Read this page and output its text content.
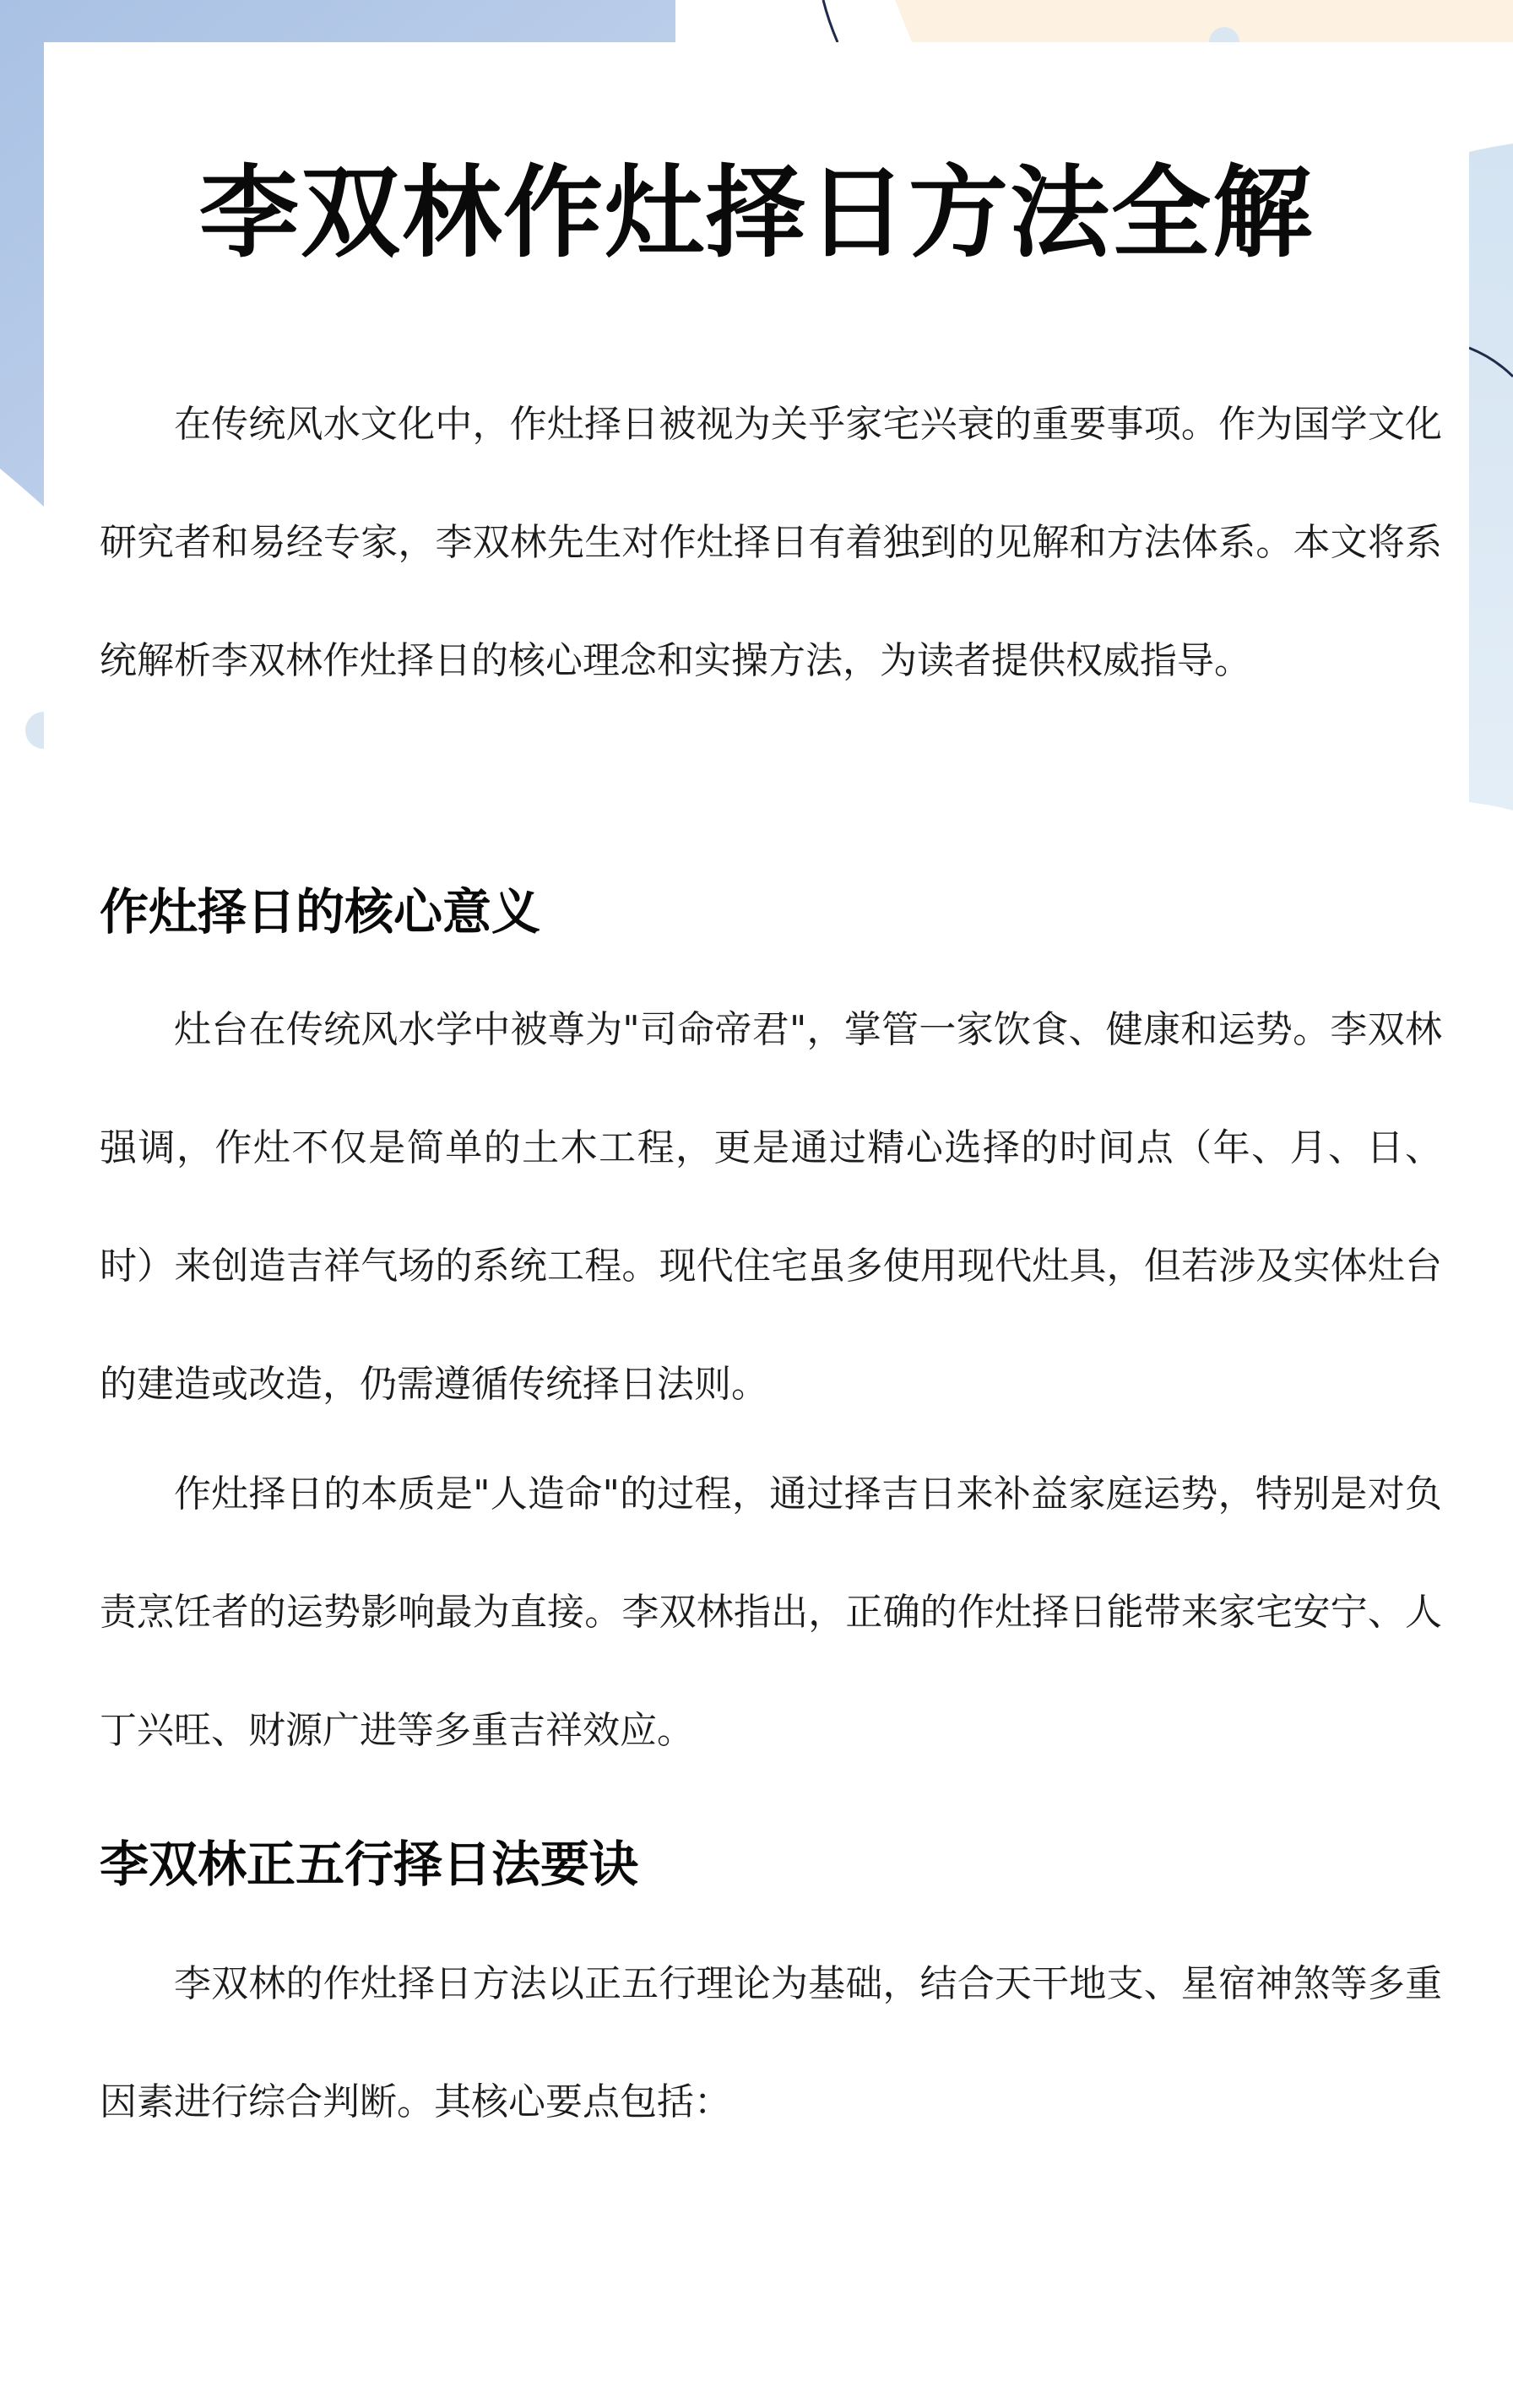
李双林作灶择日方法全解

在传统风水文化中，作灶择日被视为关乎家宅兴衰的重要事项。作为国学文化研究者和易经专家，李双林先生对作灶择日有着独到的见解和方法体系。本文将系统解析李双林作灶择日的核心理念和实操方法，为读者提供权威指导。

作灶择日的核心意义

灶台在传统风水学中被尊为"司命帝君"，掌管一家饮食、健康和运势。李双林强调，作灶不仅是简单的土木工程，更是通过精心选择的时间点（年、月、日、时）来创造吉祥气场的系统工程。现代住宅虽多使用现代灶具，但若涉及实体灶台的建造或改造，仍需遵循传统择日法则。

作灶择日的本质是"人造命"的过程，通过择吉日来补益家庭运势，特别是对负责烹饪者的运势影响最为直接。李双林指出，正确的作灶择日能带来家宅安宁、人丁兴旺、财源广进等多重吉祥效应。

李双林正五行择日法要诀

李双林的作灶择日方法以正五行理论为基础，结合天干地支、星宿神煞等多重因素进行综合判断。其核心要点包括：
